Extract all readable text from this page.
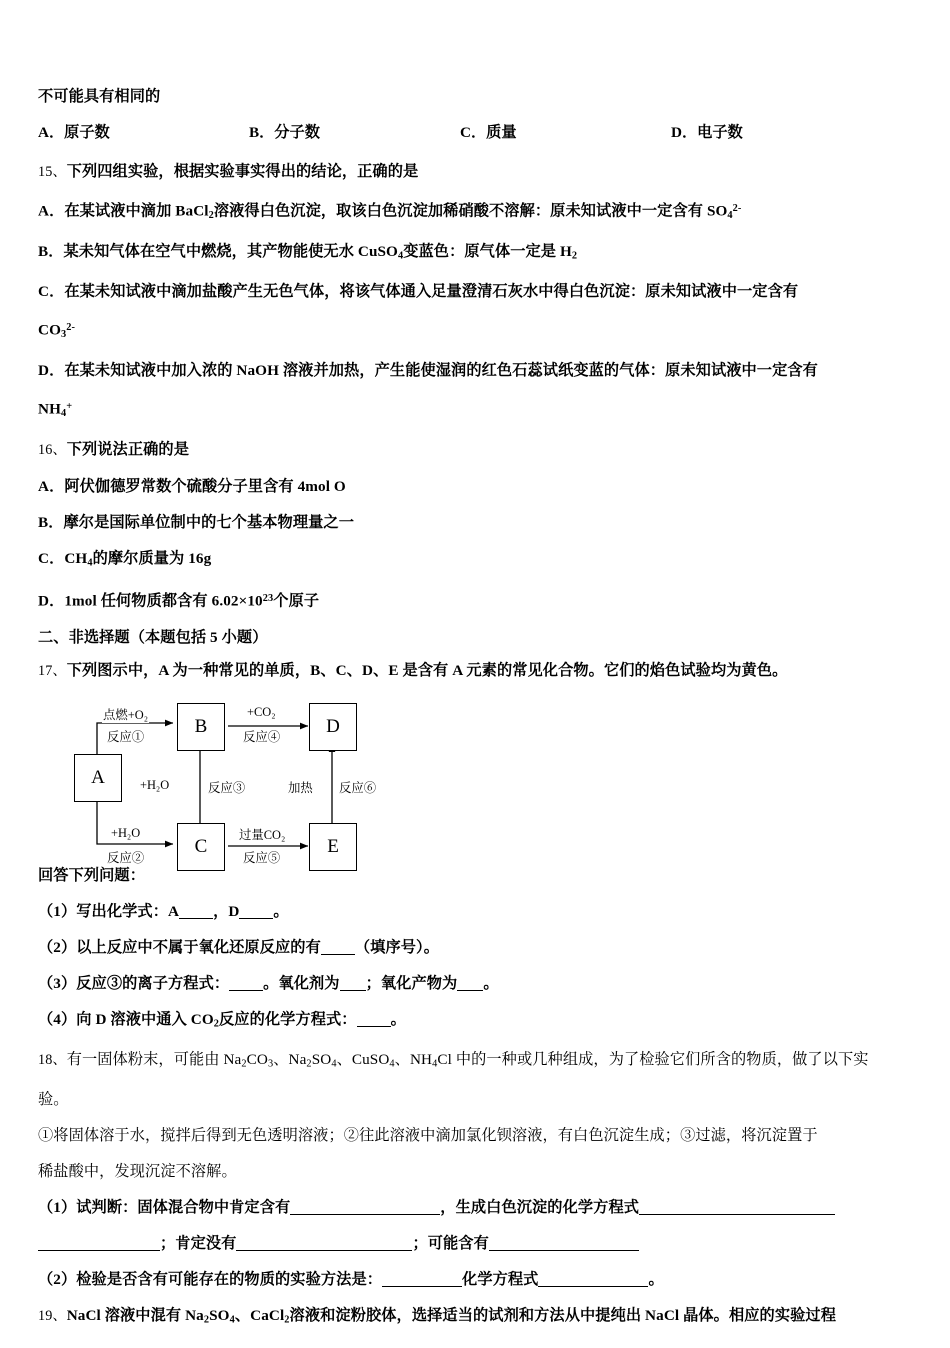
不可能具有相同的
A．原子数	B．分子数	C．质量	D．电子数
15、下列四组实验，根据实验事实得出的结论，正确的是
A．在某试液中滴加 BaCl$_2$溶液得白色沉淀，取该白色沉淀加稀硝酸不溶解：原未知试液中一定含有 $SO_4^{2-}$
B．某未知气体在空气中燃烧，其产物能使无水 CuSO$_4$变蓝色：原气体一定是 $H_2$
C．在某未知试液中滴加盐酸产生无色气体，将该气体通入足量澄清石灰水中得白色沉淀：原未知试液中一定含有
$CO_3^{2-}$
D．在某未知试液中加入浓的 NaOH 溶液并加热，产生能使湿润的红色石蕊试纸变蓝的气体：原未知试液中一定含有
$NH_4^+$
16、下列说法正确的是
A．阿伏伽德罗常数个硫酸分子里含有 4mol O
B．摩尔是国际单位制中的七个基本物理量之一
C．$CH_4$的摩尔质量为 16g
D．1mol 任何物质都含有 $6.02\times 10^{23}$个原子
二、非选择题（本题包括 5 小题）
17、下列图示中，A 为一种常见的单质，B、C、D、E 是含有 A 元素的常见化合物。它们的焰色试验均为黄色。
A
B
C
D
E
点燃+O₂
反应①
+H₂O
反应②
+H₂O	反应③
+CO₂
反应④
过量CO₂
反应⑤
加热 反应⑥
回答下列问题：
（1）写出化学式：A ，D 。
（2）以上反应中不属于氧化还原反应的有 （填序号）。
（3）反应③的离子方程式： 。氧化剂为 ；氧化产物为 。
（4）向 D 溶液中通入 $CO_2$反应的化学方程式： 。
18、有一固体粉末，可能由 $Na_2CO_3$、$Na_2SO_4$、CuSO$_4$、$NH_4Cl$ 中的一种或几种组成，为了检验它们所含的物质，做了以下实
验。
①将固体溶于水，搅拌后得到无色透明溶液；②往此溶液中滴加氯化钡溶液，有白色沉淀生成；③过滤，将沉淀置于
稀盐酸中，发现沉淀不溶解。
（1）试判断：固体混合物中肯定含有	，生成白色沉淀的化学方程式
；肯定没有	；可能含有
（2）检验是否含有可能存在的物质的实验方法是：	化学方程式	。
19、NaCl 溶液中混有 $Na_2SO_4$、CaCl$_2$溶液和淀粉胶体，选择适当的试剂和方法从中提纯出 NaCl 晶体。相应的实验过程
